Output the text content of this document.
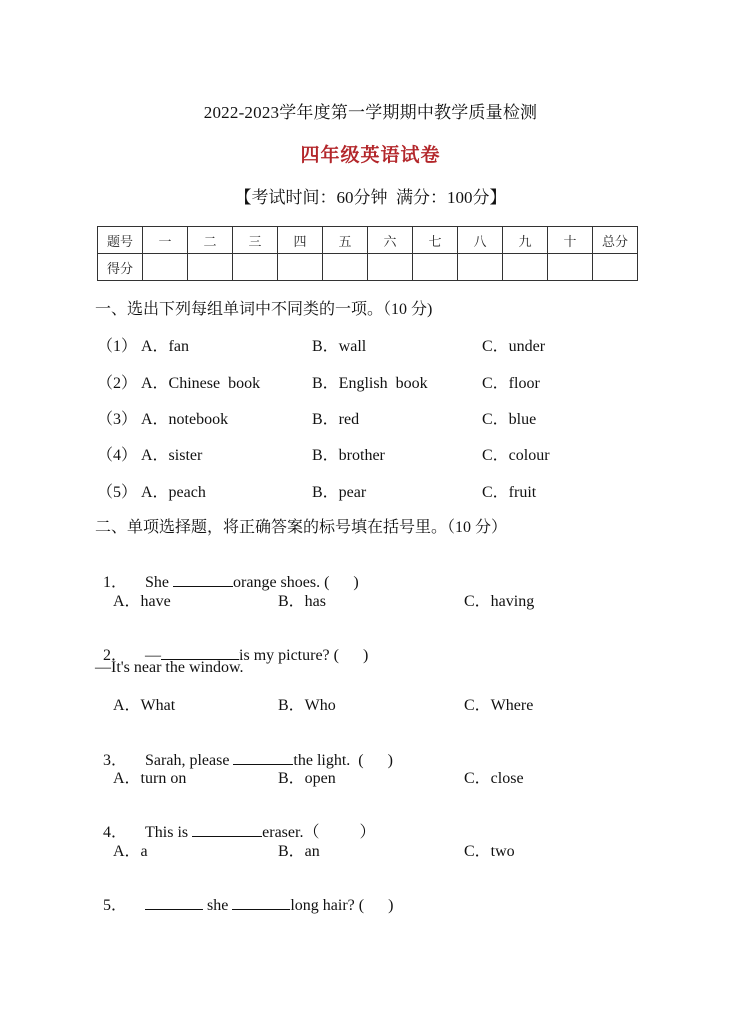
2022-2023学年度第一学期期中教学质量检测
四年级英语试卷
【考试时间：60分钟  满分：100分】
题号	一	二	三	四	五	六	七	八	九	十	总分
得分											
一、选出下列每组单词中不同类的一项。（10 分)
（1） A．fan	B．wall	C．under
（2） A．Chinese  book	B．English  book	C．floor
（3） A．notebook	B．red	C．blue
（4） A．sister	B．brother	C．colour
（5） A．peach	B．pear	C．fruit
二、单项选择题，将正确答案的标号填在括号里。（10 分）

1． She	orange shoes. (      )

A．have	B．has	C．having

2． —	is my picture? (      )

—It's near the window.
A．What	B．Who	C．Where

3． Sarah, please	the light.  (      )

A．turn on	B．open	C．close

4． This is	eraser.（          ）

A．a	B．an	C．two

5．	she	long hair? (      )
